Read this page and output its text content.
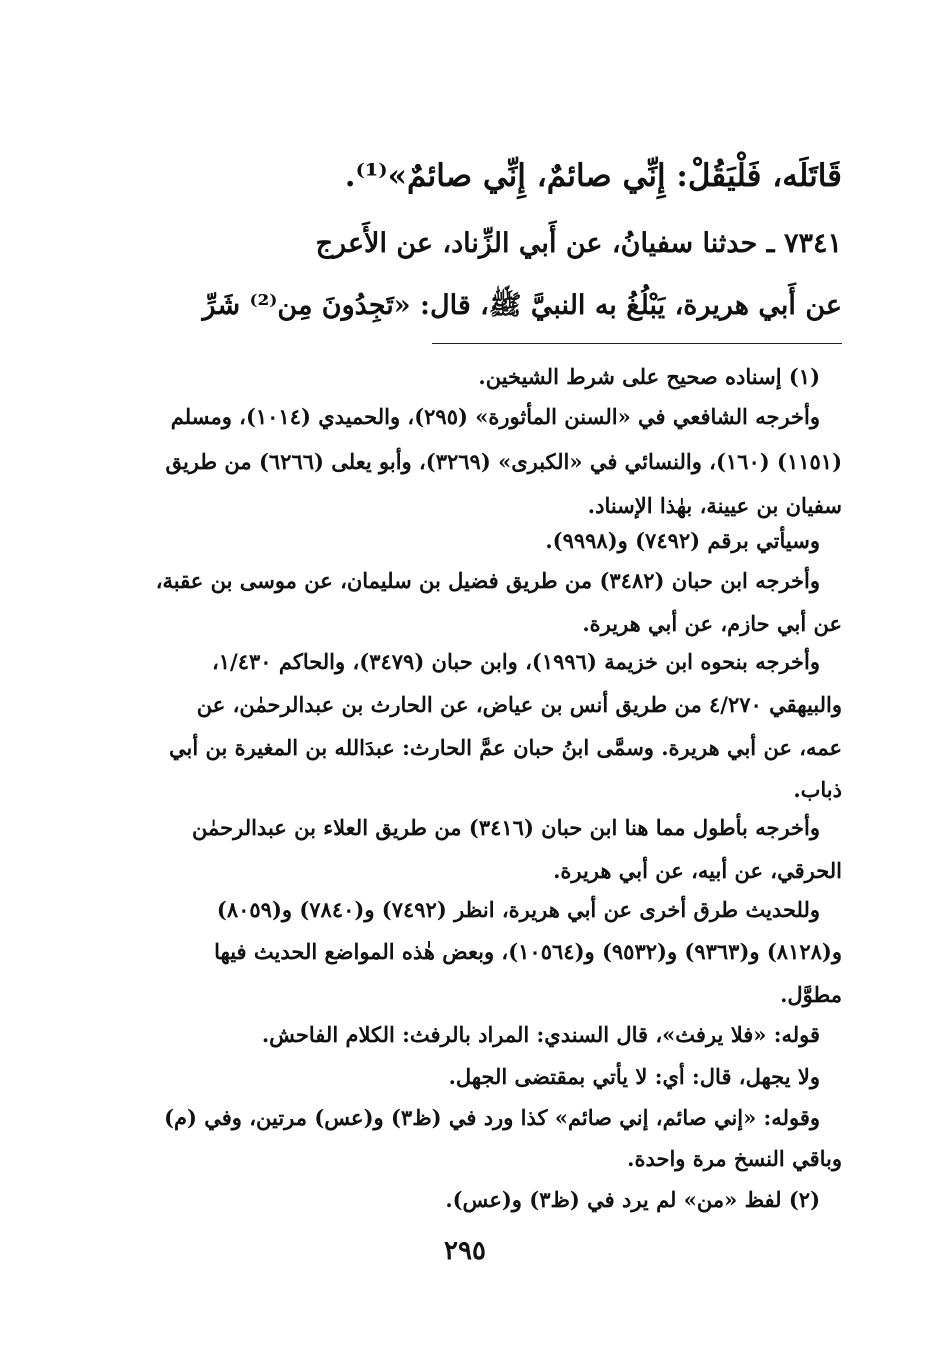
قَاتَلَه، فَلْيَقُلْ: إِنِّي صائمٌ، إِنِّي صائمٌ»⁽¹⁾.
٧٣٤١ ـ حدثنا سفيانُ، عن أَبي الزِّناد، عن الأَعرج
عن أَبي هريرة، يَبْلُغُ به النبيَّ ﷺ، قال: «تَجِدُونَ مِن⁽²⁾ شَرِّ
(١) إسناده صحيح على شرط الشيخين.
وأخرجه الشافعي في «السنن المأثورة» (٢٩٥)، والحميدي (١٠١٤)، ومسلم
(١١٥١) (١٦٠)، والنسائي في «الكبرى» (٣٢٦٩)، وأبو يعلى (٦٢٦٦) من طريق
سفيان بن عيينة، بهٰذا الإسناد.
وسيأتي برقم (٧٤٩٢) و(٩٩٩٨).
وأخرجه ابن حبان (٣٤٨٢) من طريق فضيل بن سليمان، عن موسى بن عقبة،
عن أبي حازم، عن أبي هريرة.
وأخرجه بنحوه ابن خزيمة (١٩٩٦)، وابن حبان (٣٤٧٩)، والحاكم ١/٤٣٠،
والبيهقي ٤/٢٧٠ من طريق أنس بن عياض، عن الحارث بن عبدالرحمٰن، عن
عمه، عن أبي هريرة. وسمَّى ابنُ حبان عمَّ الحارث: عبدَالله بن المغيرة بن أبي
ذباب.
وأخرجه بأطول مما هنا ابن حبان (٣٤١٦) من طريق العلاء بن عبدالرحمٰن
الحرقي، عن أبيه، عن أبي هريرة.
وللحديث طرق أخرى عن أبي هريرة، انظر (٧٤٩٢) و(٧٨٤٠) و(٨٠٥٩)
و(٨١٢٨) و(٩٣٦٣) و(٩٥٣٢) و(١٠٥٦٤)، وبعض هٰذه المواضع الحديث فيها
مطوَّل.
قوله: «فلا يرفث»، قال السندي: المراد بالرفث: الكلام الفاحش.
ولا يجهل، قال: أي: لا يأتي بمقتضى الجهل.
وقوله: «إني صائم، إني صائم» كذا ورد في (ظ٣) و(عس) مرتين، وفي (م)
وباقي النسخ مرة واحدة.
(٢) لفظ «من» لم يرد في (ظ٣) و(عس).
٢٩٥
